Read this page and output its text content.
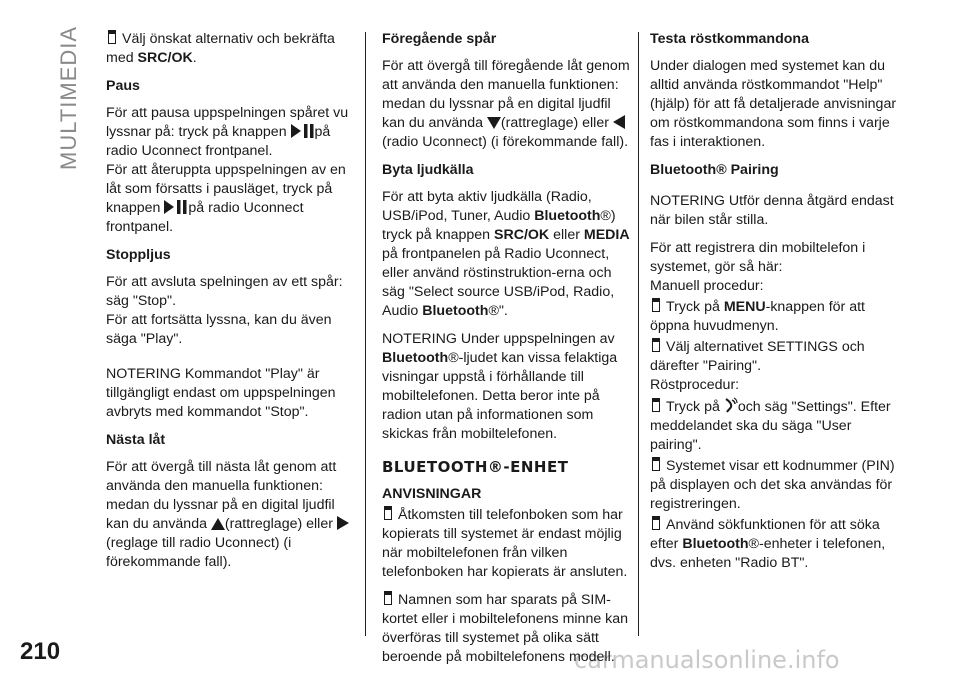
MULTIMEDIA
210	carmanualsonline.info

Välj önskat alternativ och bekräfta
med SRC/OK.

Paus

För att pausa uppspelningen spåret vu lyssnar på: tryck på knappen på radio Uconnect frontpanel.

För att återuppta uppspelningen av en låt som försatts i pausläget, tryck på knappen på radio Uconnect frontpanel.

Stoppljus

För att avsluta spelningen av ett spår: säg "Stop".

För att fortsätta lyssna, kan du även säga "Play".

NOTERING Kommandot "Play" är tillgängligt endast om uppspelningen avbryts med kommandot "Stop".

Nästa låt

För att övergå till nästa låt genom att använda den manuella funktionen: medan du lyssnar på en digital ljudfil kan du använda (rattreglage) eller (reglage till radio Uconnect) (i förekommande fall).

Föregående spår

För att övergå till föregående låt genom att använda den manuella funktionen: medan du lyssnar på en digital ljudfil kan du använda (rattreglage) eller (radio Uconnect) (i förekommande fall).

Byta ljudkälla

För att byta aktiv ljudkälla (Radio, USB/iPod, Tuner, Audio Bluetooth®) tryck på knappen SRC/OK eller MEDIA på frontpanelen på Radio Uconnect, eller använd röstinstruktion-erna och säg "Select source USB/iPod, Radio, Audio Bluetooth®".

NOTERING Under uppspelningen av Bluetooth®-ljudet kan vissa felaktiga visningar uppstå i förhållande till mobiltelefonen. Detta beror inte på radion utan på informationen som skickas från mobiltelefonen.

BLUETOOTH®-ENHET

ANVISNINGAR

Åtkomsten till telefonboken som har kopierats till systemet är endast möjlig när mobiltelefonen från vilken telefonboken har kopierats är ansluten.

Namnen som har sparats på SIM-kortet eller i mobiltelefonens minne kan överföras till systemet på olika sätt beroende på mobiltelefonens modell.

Testa röstkommandona

Under dialogen med systemet kan du alltid använda röstkommandot "Help" (hjälp) för att få detaljerade anvisningar om röstkommandona som finns i varje fas i interaktionen.

Bluetooth® Pairing

NOTERING Utför denna åtgärd endast när bilen står stilla.

För att registrera din mobiltelefon i systemet, gör så här:

Manuell procedur:

Tryck på MENU-knappen för att öppna huvudmenyn.

Välj alternativet SETTINGS och därefter "Pairing".

Röstprocedur:

Tryck på och säg "Settings". Efter meddelandet ska du säga "User pairing".

Systemet visar ett kodnummer (PIN) på displayen och det ska användas för registreringen.

Använd sökfunktionen för att söka efter Bluetooth®-enheter i telefonen, dvs. enheten "Radio BT".
